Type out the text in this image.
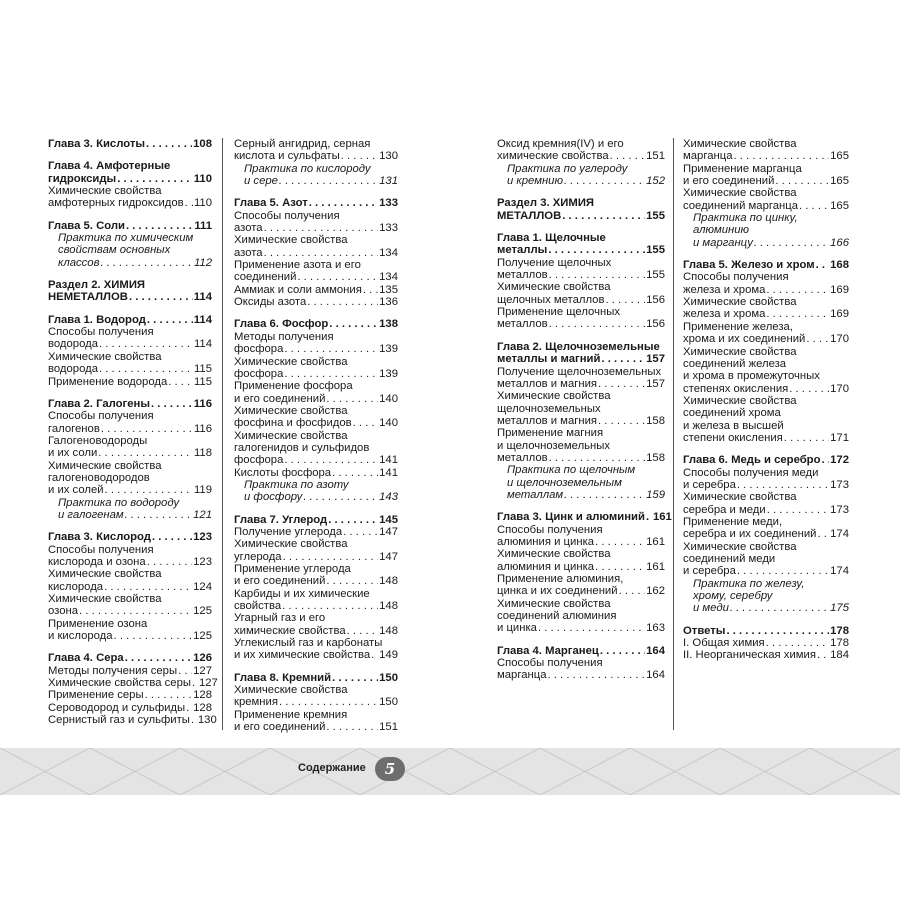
Глава 3. Кислоты . . .	108
Глава 4. Амфотерные
гидроксиды . . .	110
Химические свойства
амфотерных гидроксидов . . . 110
Глава 5. Соли . . .	111
Практика по химическим
свойствам основных
классов . . .	112
Раздел 2. ХИМИЯ
НЕМЕТАЛЛОВ . . .	114
Глава 1. Водород . . .	114
Способы получения
водорода . . .	114
Химические свойства
водорода . . .	115
Применение водорода . . . 115
Глава 2. Галогены . . .	116
Способы получения
галогенов . . .	116
Галогеноводороды
и их соли . . .	118
Химические свойства
галогеноводородов
и их солей . . .	119
Практика по водороду
и галогенам . . .	121
Глава 3. Кислород . . .	123
Способы получения
кислорода и озона . . .	123
Химические свойства
кислорода . . .	124
Химические свойства
озона . . .	125
Применение озона
и кислорода . . .	125
Глава 4. Сера . . .	126
Методы получения серы . . . 127
Химические свойства серы . . . 127
Применение серы . . .	128
Сероводород и сульфиды . . . 128
Сернистый газ и сульфиты . . . 130
Серный ангидрид, серная
кислота и сульфаты . . .	130
Практика по кислороду
и сере . . .	131
Глава 5. Азот . . .	133
Способы получения
азота . . .	133
Химические свойства
азота . . .	134
Применение азота и его
соединений . . .	134
Аммиак и соли аммония . . . 135
Оксиды азота . . .	136
Глава 6. Фосфор . . .	138
Методы получения
фосфора . . .	139
Химические свойства
фосфора . . .	139
Применение фосфора
и его соединений . . .	140
Химические свойства
фосфина и фосфидов . . . 140
Химические свойства
галогенидов и сульфидов
фосфора . . .	141
Кислоты фосфора . . .	141
Практика по азоту
и фосфору . . .	143
Глава 7. Углерод . . .	145
Получение углерода . . .	147
Химические свойства
углерода . . .	147
Применение углерода
и его соединений . . .	148
Карбиды и их химические
свойства . . .	148
Угарный газ и его
химические свойства . . .	148
Углекислый газ и карбонаты
и их химические свойства . . . 149
Глава 8. Кремний . . .	150
Химические свойства
кремния . . .	150
Применение кремния
и его соединений . . .	151
Оксид кремния(IV) и его
химические свойства . . .	151
Практика по углероду
и кремнию . . .	152
Раздел 3. ХИМИЯ
МЕТАЛЛОВ . . .	155
Глава 1. Щелочные
металлы . . .	155
Получение щелочных
металлов . . .	155
Химические свойства
щелочных металлов . . .	156
Применение щелочных
металлов . . .	156
Глава 2. Щелочноземельные
металлы и магний . . .	157
Получение щелочноземельных
металлов и магния . . .	157
Химические свойства
щелочноземельных
металлов и магния . . .	158
Применение магния
и щелочноземельных
металлов . . .	158
Практика по щелочным
и щелочноземельным
металлам . . .	159
Глава 3. Цинк и алюминий . . . 161
Способы получения
алюминия и цинка . . .	161
Химические свойства
алюминия и цинка . . .	161
Применение алюминия,
цинка и их соединений . . .	162
Химические свойства
соединений алюминия
и цинка . . .	163
Глава 4. Марганец . . .	164
Способы получения
марганца . . .	164
Химические свойства
марганца . . .	165
Применение марганца
и его соединений . . .	165
Химические свойства
соединений марганца . . .	165
Практика по цинку,
алюминию
и марганцу . . .	166
Глава 5. Железо и хром . . . 168
Способы получения
железа и хрома . . .	169
Химические свойства
железа и хрома . . .	169
Применение железа,
хрома и их соединений . . . 170
Химические свойства
соединений железа
и хрома в промежуточных
степенях окисления . . .	170
Химические свойства
соединений хрома
и железа в высшей
степени окисления . . .	171
Глава 6. Медь и серебро . . . 172
Способы получения меди
и серебра . . .	173
Химические свойства
серебра и меди . . .	173
Применение меди,
серебра и их соединений . . . 174
Химические свойства
соединений меди
и серебра . . .	174
Практика по железу,
хрому, серебру
и меди . . .	175
Ответы . . .	178
I. Общая химия . . .	178
II. Неорганическая химия . . . 184
Содержание	5
